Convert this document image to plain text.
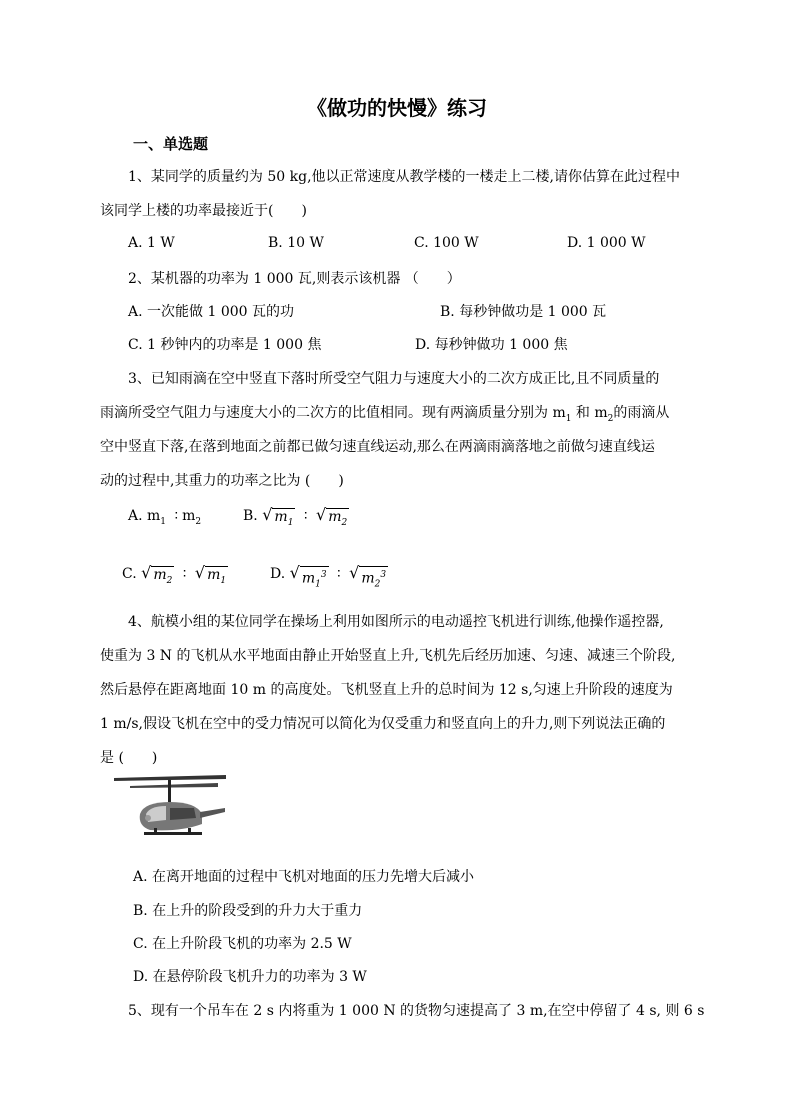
《做功的快慢》练习
一、单选题
1、某同学的质量约为 50 kg,他以正常速度从教学楼的一楼走上二楼,请你估算在此过程中
该同学上楼的功率最接近于(　　)
A. 1 W	B. 10 W	C. 100 W	D. 1 000 W
2、某机器的功率为 1 000 瓦,则表示该机器 （　　）
A. 一次能做 1 000 瓦的功	B. 每秒钟做功是 1 000 瓦
C. 1 秒钟内的功率是 1 000 焦	D. 每秒钟做功 1 000 焦
3、已知雨滴在空中竖直下落时所受空气阻力与速度大小的二次方成正比,且不同质量的
雨滴所受空气阻力与速度大小的二次方的比值相同。现有两滴质量分别为 $m_1$ 和 $m_2$的雨滴从
空中竖直下落,在落到地面之前都已做匀速直线运动,那么在两滴雨滴落地之前做匀速直线运
动的过程中,其重力的功率之比为 (　　)
A. $m_1$ ∶ $m_2$	B. √ $m_1$ ∶ √ $m_2$
C. √ $m_2$ ∶ √ $m_1$	D. √ $m_1^3$ ∶ √ $m_2^3$
4、航模小组的某位同学在操场上利用如图所示的电动遥控飞机进行训练,他操作遥控器,
使重为 3 N 的飞机从水平地面由静止开始竖直上升,飞机先后经历加速、匀速、减速三个阶段,
然后悬停在距离地面 10 m 的高度处。飞机竖直上升的总时间为 12 s,匀速上升阶段的速度为
1 m/s,假设飞机在空中的受力情况可以简化为仅受重力和竖直向上的升力,则下列说法正确的
是 (　　)
A. 在离开地面的过程中飞机对地面的压力先增大后减小
B. 在上升的阶段受到的升力大于重力
C. 在上升阶段飞机的功率为 2.5 W
D. 在悬停阶段飞机升力的功率为 3 W
5、现有一个吊车在 2 s 内将重为 1 000 N 的货物匀速提高了 3 m,在空中停留了 4 s, 则 6 s
